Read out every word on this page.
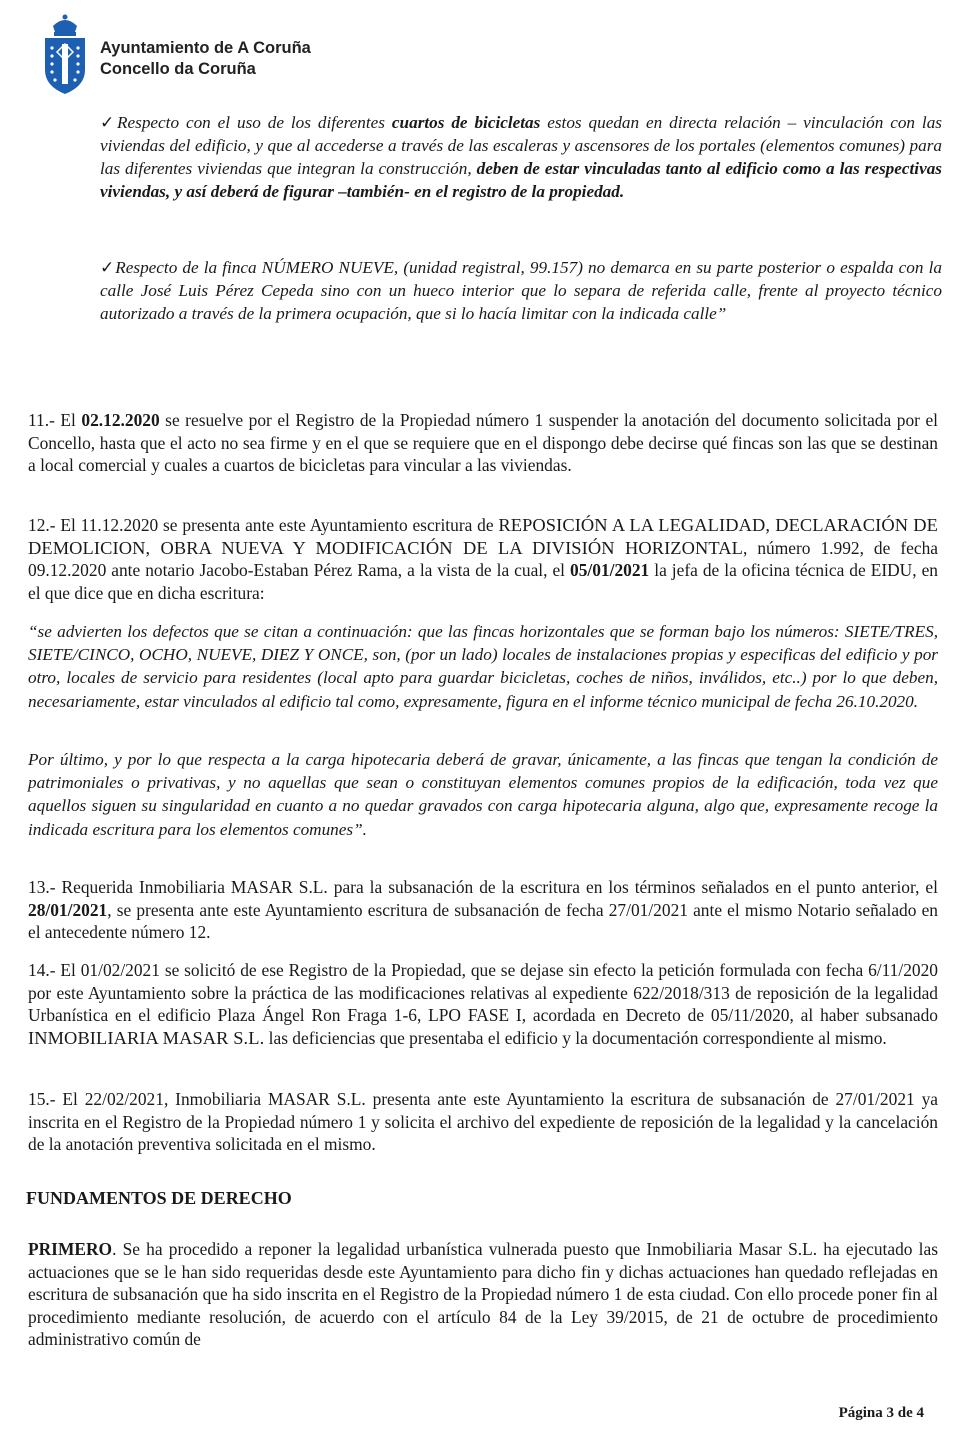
Ayuntamiento de A Coruña
Concello da Coruña

✓Respecto con el uso de los diferentes cuartos de bicicletas estos quedan en directa relación – vinculación con las viviendas del edificio, y que al accederse a través de las escaleras y ascensores de los portales (elementos comunes) para las diferentes viviendas que integran la construcción, deben de estar vinculadas tanto al edificio como a las respectivas viviendas, y así deberá de figurar –también- en el registro de la propiedad.

✓Respecto de la finca NÚMERO NUEVE, (unidad registral, 99.157) no demarca en su parte posterior o espalda con la calle José Luis Pérez Cepeda sino con un hueco interior que lo separa de referida calle, frente al proyecto técnico autorizado a través de la primera ocupación, que si lo hacía limitar con la indicada calle”

11.- El 02.12.2020 se resuelve por el Registro de la Propiedad número 1 suspender la anotación del documento solicitada por el Concello, hasta que el acto no sea firme y en el que se requiere que en el dispongo debe decirse qué fincas son las que se destinan a local comercial y cuales a cuartos de bicicletas para vincular a las viviendas.

12.- El 11.12.2020 se presenta ante este Ayuntamiento escritura de REPOSICIÓN A LA LEGALIDAD, DECLARACIÓN DE DEMOLICION, OBRA NUEVA Y MODIFICACIÓN DE LA DIVISIÓN HORIZONTAL, número 1.992, de fecha 09.12.2020 ante notario Jacobo-Estaban Pérez Rama, a la vista de la cual, el 05/01/2021 la jefa de la oficina técnica de EIDU, en el que dice que en dicha escritura:

“se advierten los defectos que se citan a continuación: que las fincas horizontales que se forman bajo los números: SIETE/TRES, SIETE/CINCO, OCHO, NUEVE, DIEZ Y ONCE, son, (por un lado) locales de instalaciones propias y especificas del edificio y por otro, locales de servicio para residentes (local apto para guardar bicicletas, coches de niños, inválidos, etc..) por lo que deben, necesariamente, estar vinculados al edificio tal como, expresamente, figura en el informe técnico municipal de fecha 26.10.2020.

Por último, y por lo que respecta a la carga hipotecaria deberá de gravar, únicamente, a las fincas que tengan la condición de patrimoniales o privativas, y no aquellas que sean o constituyan elementos comunes propios de la edificación, toda vez que aquellos siguen su singularidad en cuanto a no quedar gravados con carga hipotecaria alguna, algo que, expresamente recoge la indicada escritura para los elementos comunes”.

13.- Requerida Inmobiliaria MASAR S.L. para la subsanación de la escritura en los términos señalados en el punto anterior, el 28/01/2021, se presenta ante este Ayuntamiento escritura de subsanación de fecha 27/01/2021 ante el mismo Notario señalado en el antecedente número 12.

14.- El 01/02/2021 se solicitó de ese Registro de la Propiedad, que se dejase sin efecto la petición formulada con fecha 6/11/2020 por este Ayuntamiento sobre la práctica de las modificaciones relativas al expediente 622/2018/313 de reposición de la legalidad Urbanística en el edificio Plaza Ángel Ron Fraga 1-6, LPO FASE I, acordada en Decreto de 05/11/2020, al haber subsanado INMOBILIARIA MASAR S.L. las deficiencias que presentaba el edificio y la documentación correspondiente al mismo.

15.- El 22/02/2021, Inmobiliaria MASAR S.L. presenta ante este Ayuntamiento la escritura de subsanación de 27/01/2021 ya inscrita en el Registro de la Propiedad número 1 y solicita el archivo del expediente de reposición de la legalidad y la cancelación de la anotación preventiva solicitada en el mismo.

FUNDAMENTOS DE DERECHO

PRIMERO. Se ha procedido a reponer la legalidad urbanística vulnerada puesto que Inmobiliaria Masar S.L. ha ejecutado las actuaciones que se le han sido requeridas desde este Ayuntamiento para dicho fin y dichas actuaciones han quedado reflejadas en escritura de subsanación que ha sido inscrita en el Registro de la Propiedad número 1 de esta ciudad. Con ello procede poner fin al procedimiento mediante resolución, de acuerdo con el artículo 84 de la Ley 39/2015, de 21 de octubre de procedimiento administrativo común de

Página 3 de 4
